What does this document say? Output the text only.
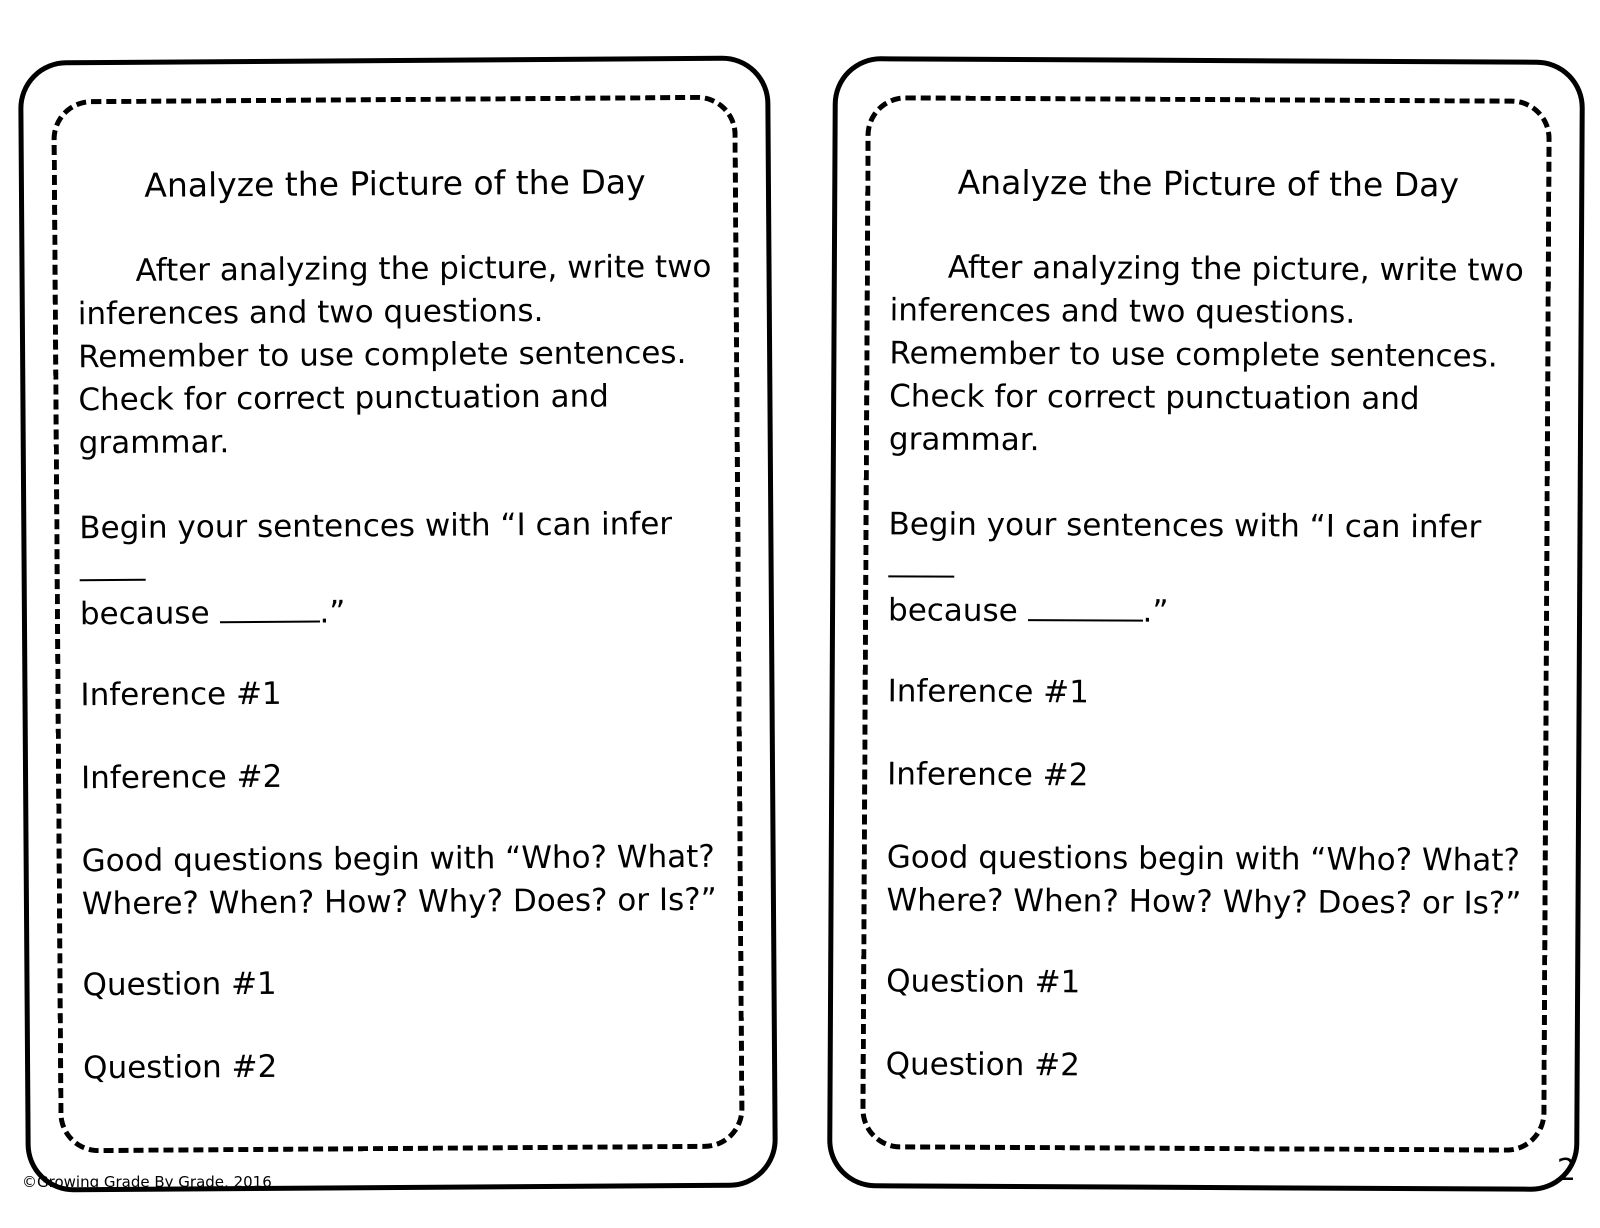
Analyze the Picture of the Day

After analyzing the picture, write two inferences and two questions. Remember to use complete sentences. Check for correct punctuation and grammar.

Begin your sentences with “I can infer
because	.”

Inference #1

Inference #2

Good questions begin with “Who? What? Where? When? How? Why? Does? or Is?”

Question #1

Question #2

Analyze the Picture of the Day

After analyzing the picture, write two inferences and two questions. Remember to use complete sentences. Check for correct punctuation and grammar.

Begin your sentences with “I can infer
because	.”

Inference #1

Inference #2

Good questions begin with “Who? What? Where? When? How? Why? Does? or Is?”

Question #1

Question #2

©Growing Grade By Grade, 2016	2
